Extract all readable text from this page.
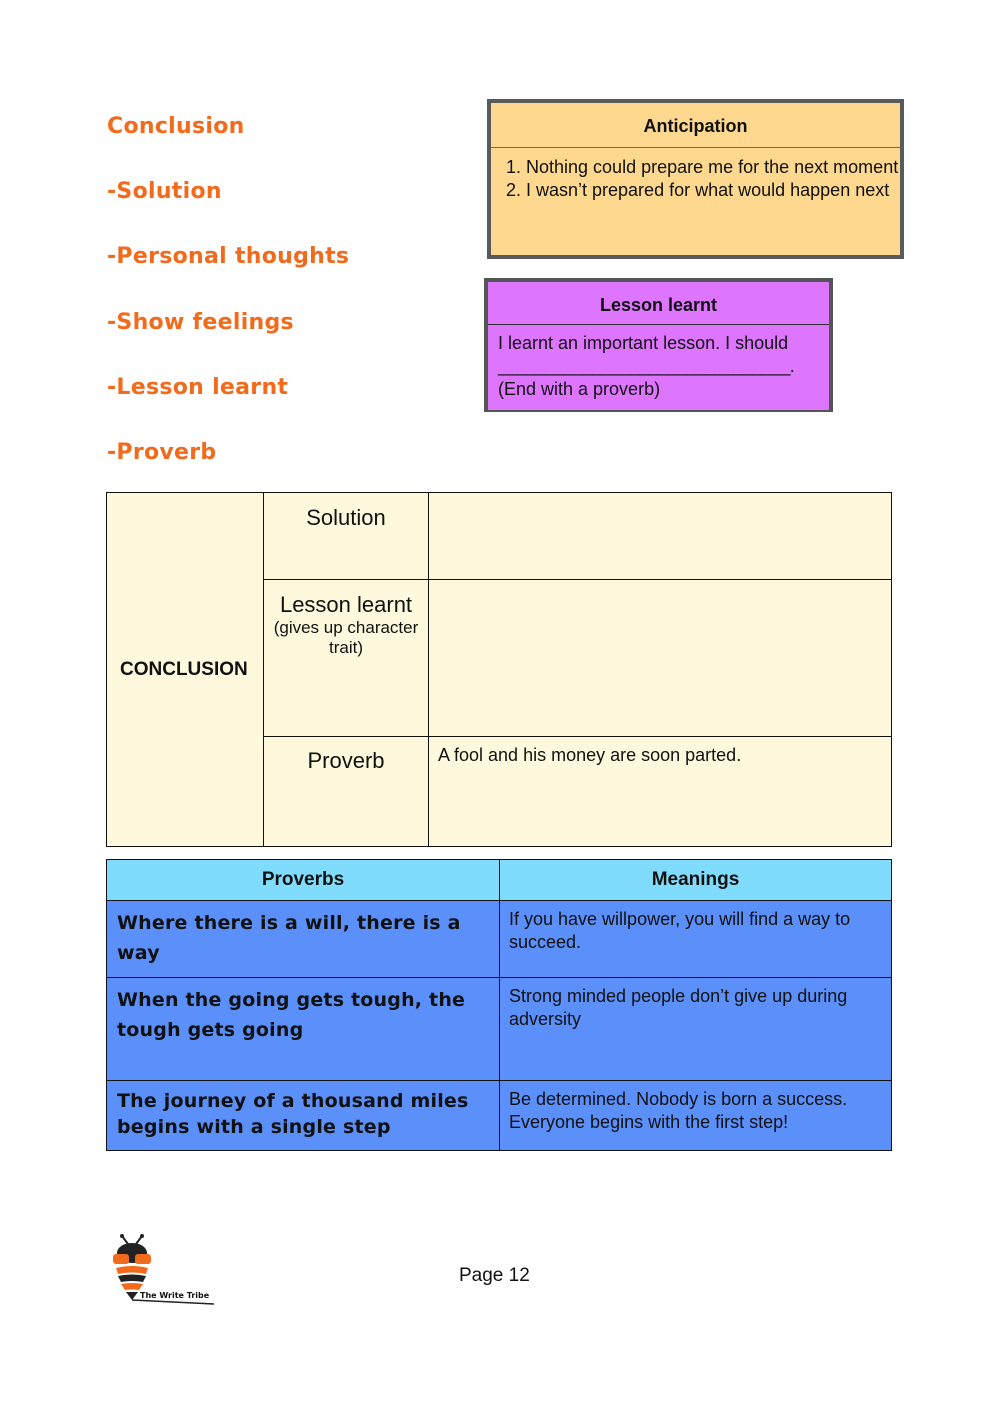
Conclusion
-Solution
-Personal thoughts
-Show feelings
-Lesson learnt
-Proverb
Anticipation
1. Nothing could prepare me for the next moment
2. I wasn’t prepared for what would happen next
Lesson learnt
I learnt an important lesson. I should
_______________________________.
(End with a proverb)
CONCLUSION	Solution	
	Lesson learnt
(gives up character trait)	

	Proverb	A fool and his money are soon parted.
Proverbs	Meanings
Where there is a will, there is a way	If you have willpower, you will find a way to succeed.
When the going gets tough, the tough gets going	Strong minded people don’t give up during adversity
The journey of a thousand miles begins with a single step	Be determined. Nobody is born a success. Everyone begins with the first step!
The Write Tribe
Page 12
